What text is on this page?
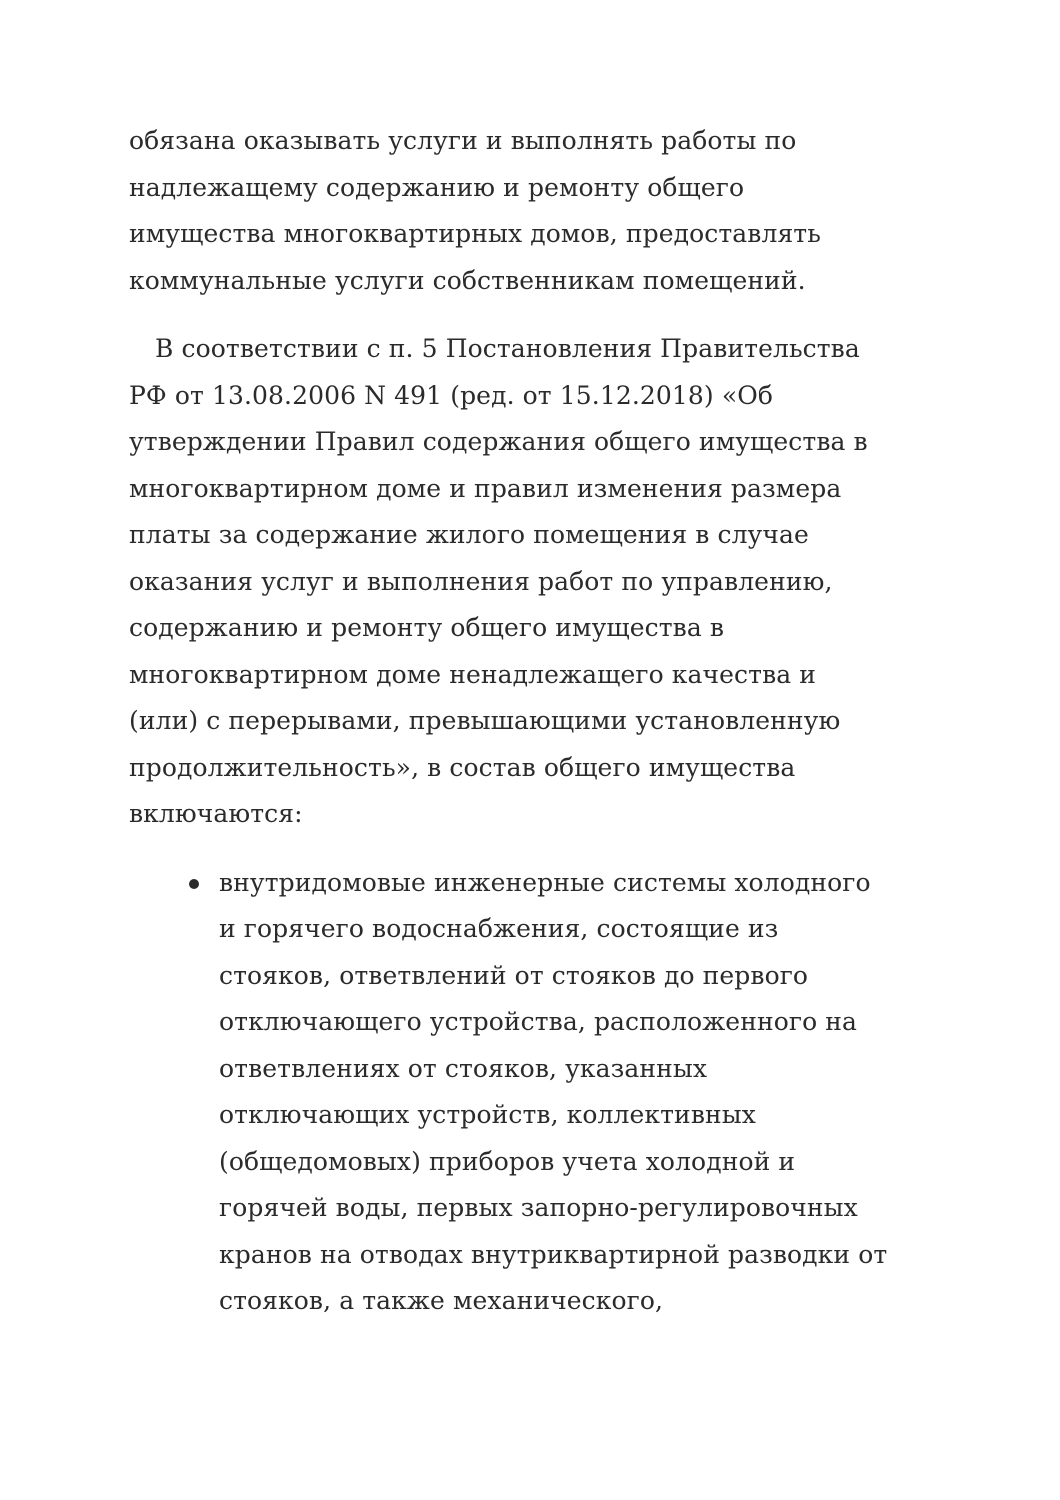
обязана оказывать услуги и выполнять работы по
надлежащему содержанию и ремонту общего
имущества многоквартирных домов, предоставлять
коммунальные услуги собственникам помещений.

В соответствии с п. 5 Постановления Правительства
РФ от 13.08.2006 N 491 (ред. от 15.12.2018) «Об
утверждении Правил содержания общего имущества в
многоквартирном доме и правил изменения размера
платы за содержание жилого помещения в случае
оказания услуг и выполнения работ по управлению,
содержанию и ремонту общего имущества в
многоквартирном доме ненадлежащего качества и
(или) с перерывами, превышающими установленную
продолжительность», в состав общего имущества
включаются:

внутридомовые инженерные системы холодного
и горячего водоснабжения, состоящие из
стояков, ответвлений от стояков до первого
отключающего устройства, расположенного на
ответвлениях от стояков, указанных
отключающих устройств, коллективных
(общедомовых) приборов учета холодной и
горячей воды, первых запорно-регулировочных
кранов на отводах внутриквартирной разводки от
стояков, а также механического,
